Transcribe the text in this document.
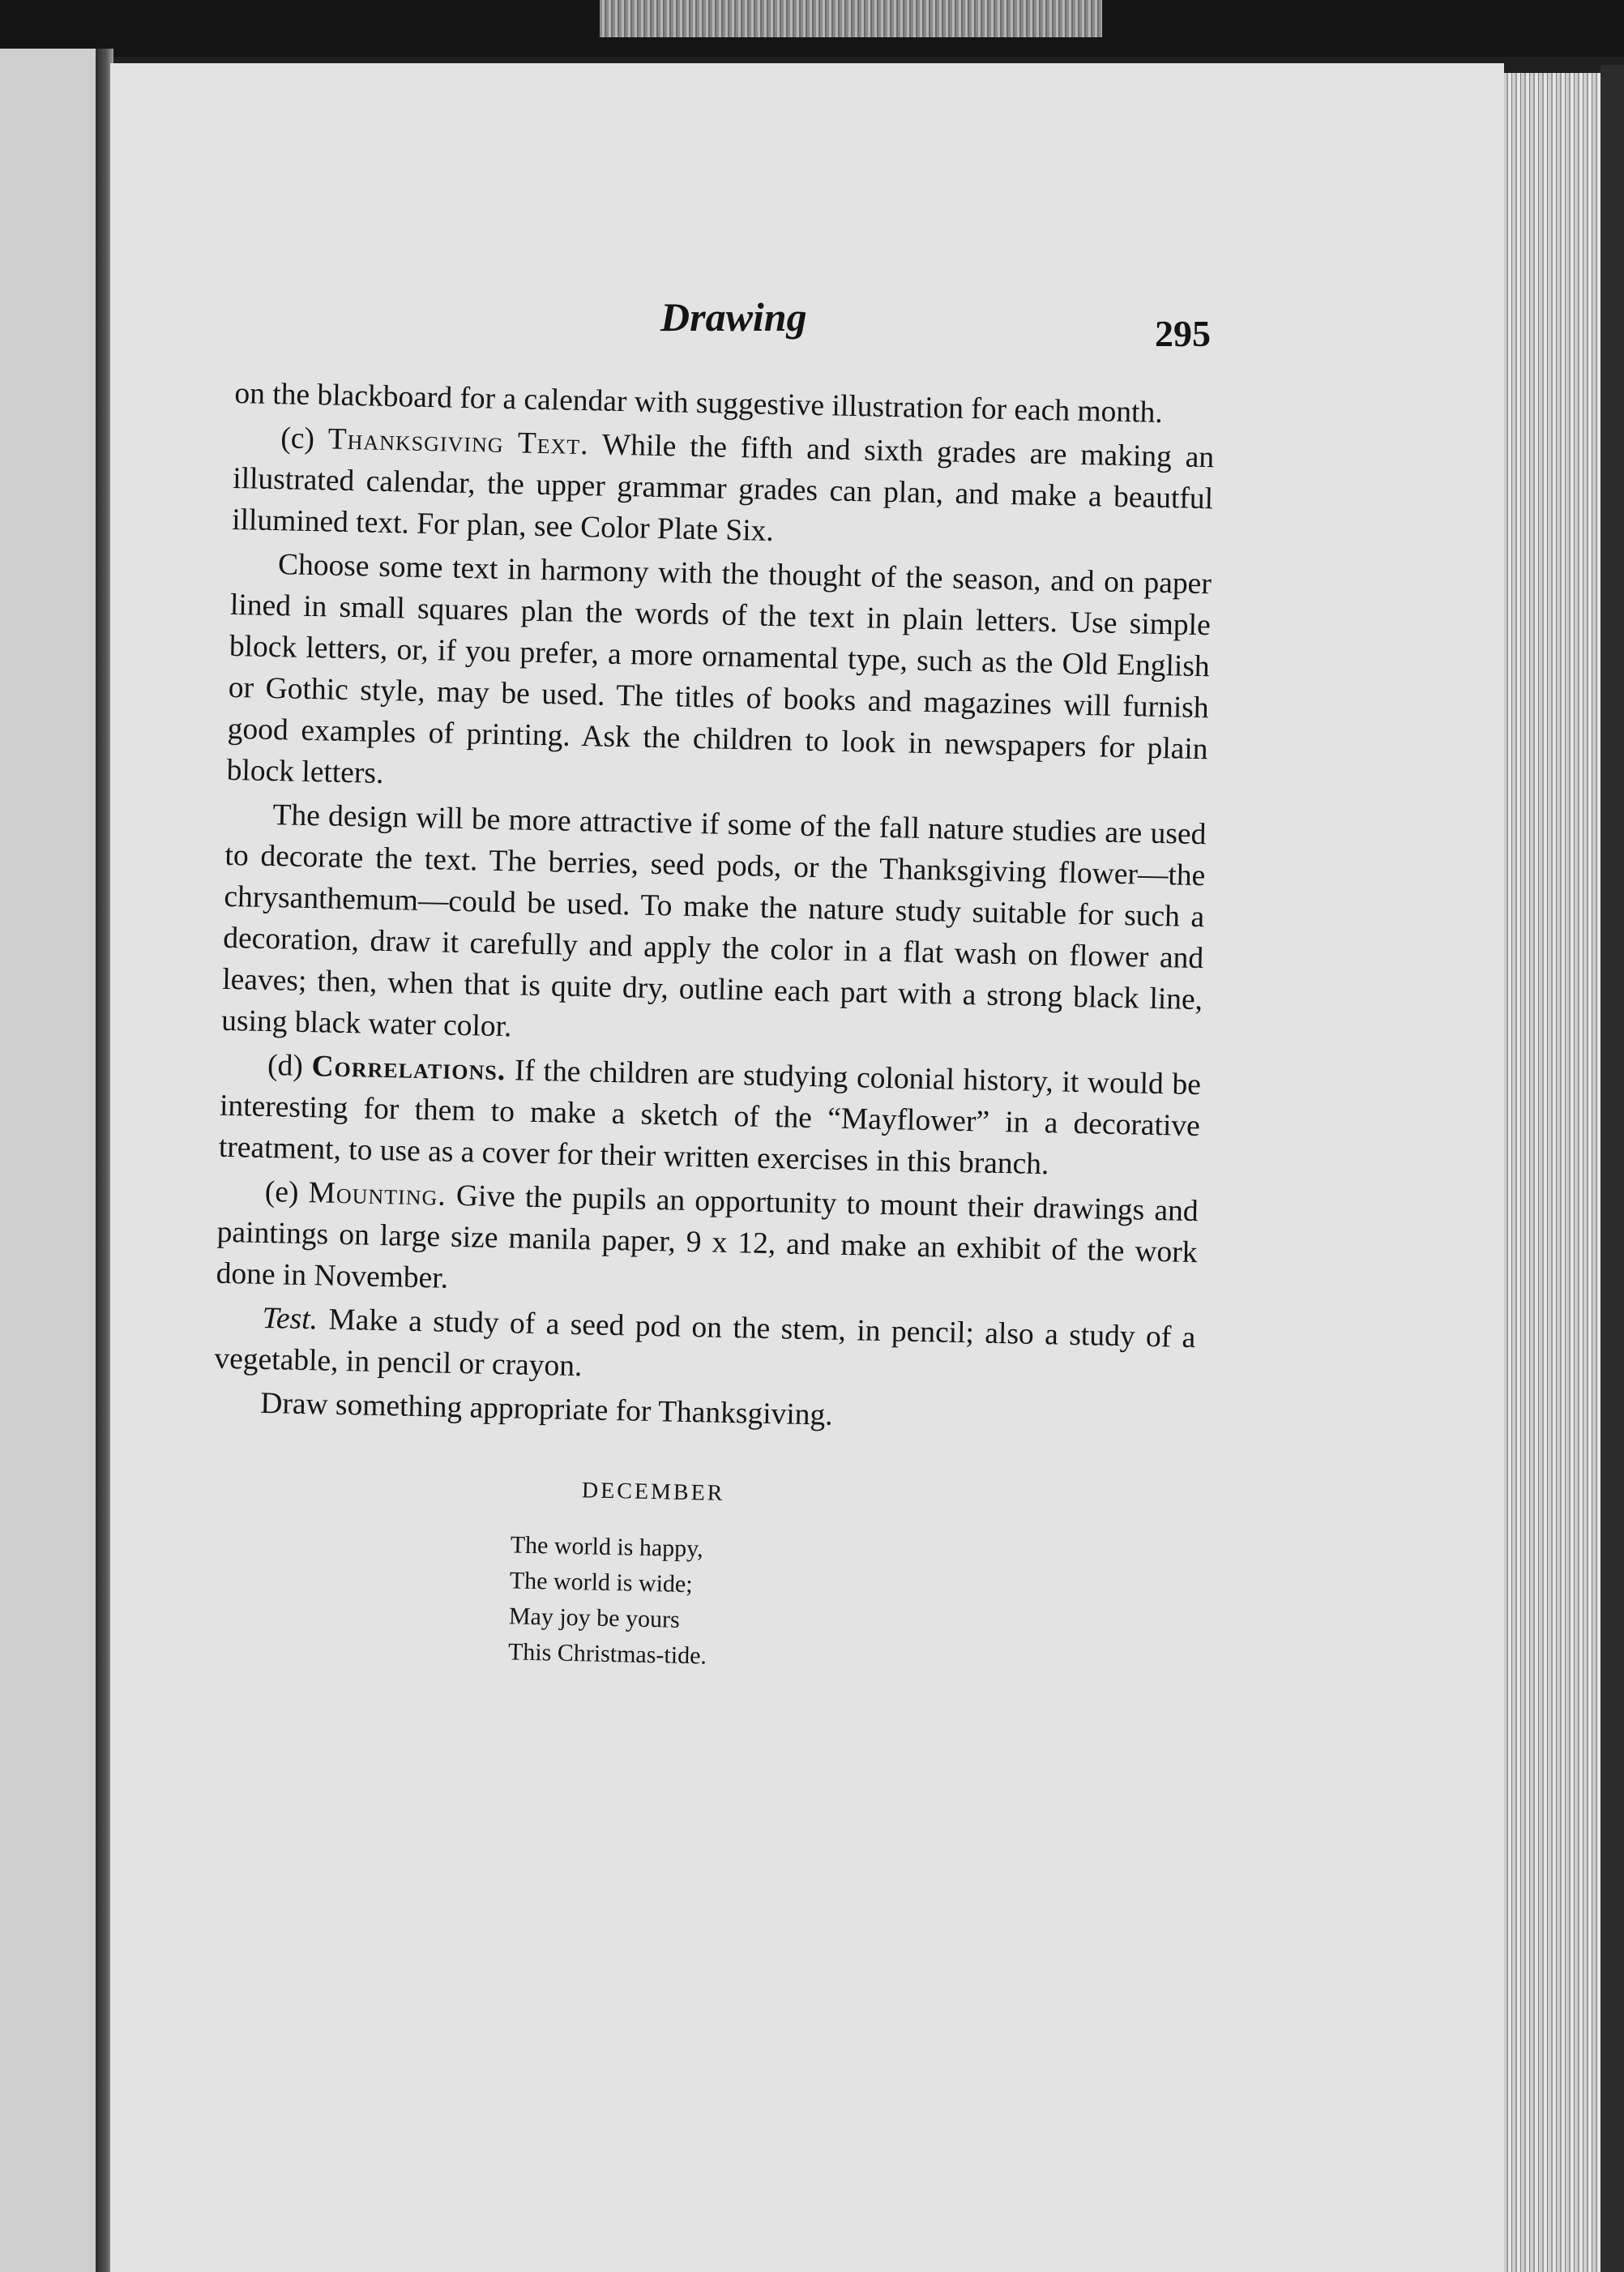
Drawing	295

on the blackboard for a calendar with suggestive illustration for each month.

(c) Thanksgiving Text. While the fifth and sixth grades are making an illustrated calendar, the upper grammar grades can plan, and make a beautful illumined text. For plan, see Color Plate Six.

Choose some text in harmony with the thought of the season, and on paper lined in small squares plan the words of the text in plain letters. Use simple block letters, or, if you prefer, a more ornamental type, such as the Old English or Gothic style, may be used. The titles of books and magazines will furnish good examples of printing. Ask the children to look in newspapers for plain block letters.

The design will be more attractive if some of the fall nature studies are used to decorate the text. The berries, seed pods, or the Thanksgiving flower—the chrysanthemum—could be used. To make the nature study suitable for such a decoration, draw it carefully and apply the color in a flat wash on flower and leaves; then, when that is quite dry, outline each part with a strong black line, using black water color.

(d) Correlations. If the children are studying colonial history, it would be interesting for them to make a sketch of the “Mayflower” in a decorative treatment, to use as a cover for their written exercises in this branch.

(e) Mounting. Give the pupils an opportunity to mount their drawings and paintings on large size manila paper, 9 x 12, and make an exhibit of the work done in November.

Test. Make a study of a seed pod on the stem, in pencil; also a study of a vegetable, in pencil or crayon.

Draw something appropriate for Thanksgiving.

DECEMBER
The world is happy,
The world is wide;
May joy be yours
This Christmas-tide.
